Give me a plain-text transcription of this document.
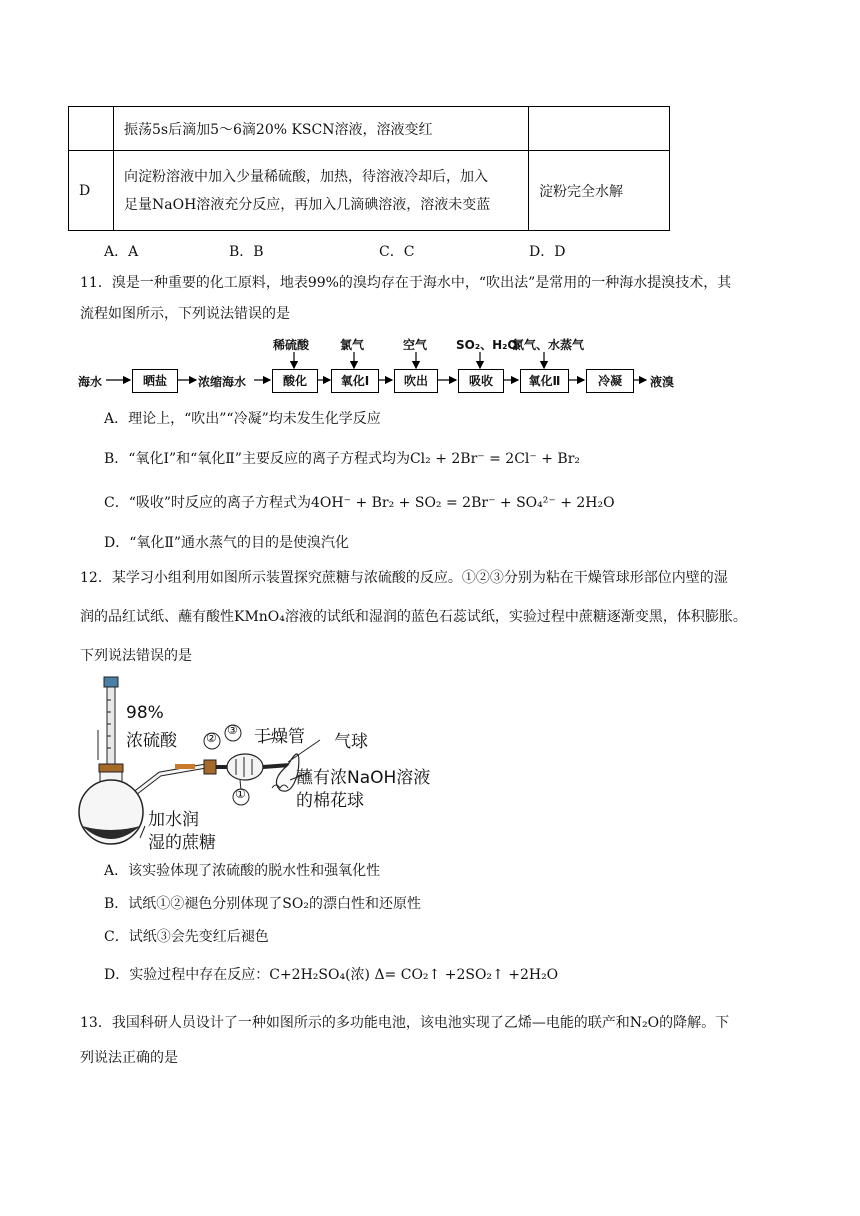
	振荡5s后滴加5～6滴20% KSCN溶液，溶液变红	
D	向淀粉溶液中加入少量稀硫酸，加热，待溶液冷却后，加入
足量NaOH溶液充分反应，再加入几滴碘溶液，溶液未变蓝	淀粉完全水解
A．A	B．B	C．C	D．D
11．溴是一种重要的化工原料，地表99%的溴均存在于海水中，“吹出法”是常用的一种海水提溴技术，其
流程如图所示，下列说法错误的是
海水	晒盐	浓缩海水	酸化	氧化Ⅰ	吹出	吸收	氧化Ⅱ	冷凝	液溴
稀硫酸	氯气	空气 SO₂、H₂O
氯气、水蒸气
A．理论上，“吹出”“冷凝”均未发生化学反应
B．“氧化Ⅰ”和“氧化Ⅱ”主要反应的离子方程式均为Cl₂ + 2Br⁻ = 2Cl⁻ + Br₂
C．“吸收”时反应的离子方程式为4OH⁻ + Br₂ + SO₂ = 2Br⁻ + SO₄²⁻ + 2H₂O
D．“氧化Ⅱ”通水蒸气的目的是使溴汽化
12．某学习小组利用如图所示装置探究蔗糖与浓硫酸的反应。①②③分别为粘在干燥管球形部位内壁的湿
润的品红试纸、蘸有酸性KMnO₄溶液的试纸和湿润的蓝色石蕊试纸，实验过程中蔗糖逐渐变黑，体积膨胀。
下列说法错误的是
98%
浓硫酸 ②
③
①
干燥管 气球
蘸有浓NaOH溶液
的棉花球
加水润
湿的蔗糖
A．该实验体现了浓硫酸的脱水性和强氧化性
B．试纸①②褪色分别体现了SO₂的漂白性和还原性
C．试纸③会先变红后褪色
D．实验过程中存在反应：C+2H₂SO₄(浓) Δ= CO₂↑ +2SO₂↑ +2H₂O
13．我国科研人员设计了一种如图所示的多功能电池，该电池实现了乙烯—电能的联产和N₂O的降解。下
列说法正确的是
